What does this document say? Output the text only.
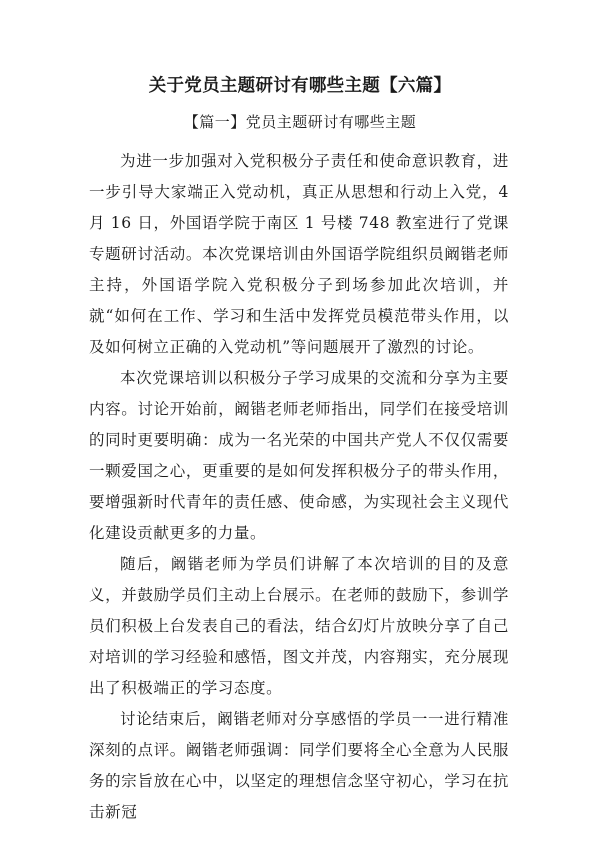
关于党员主题研讨有哪些主题【六篇】
【篇一】党员主题研讨有哪些主题

为进一步加强对入党积极分子责任和使命意识教育，进一步引导大家端正入党动机，真正从思想和行动上入党，4 月 16 日，外国语学院于南区 1 号楼 748 教室进行了党课专题研讨活动。本次党课培训由外国语学院组织员阚锴老师主持，外国语学院入党积极分子到场参加此次培训，并就“如何在工作、学习和生活中发挥党员模范带头作用，以及如何树立正确的入党动机”等问题展开了激烈的讨论。

本次党课培训以积极分子学习成果的交流和分享为主要内容。讨论开始前，阚锴老师老师指出，同学们在接受培训的同时更要明确：成为一名光荣的中国共产党人不仅仅需要一颗爱国之心，更重要的是如何发挥积极分子的带头作用，要增强新时代青年的责任感、使命感，为实现社会主义现代化建设贡献更多的力量。

随后，阚锴老师为学员们讲解了本次培训的目的及意义，并鼓励学员们主动上台展示。在老师的鼓励下，参训学员们积极上台发表自己的看法，结合幻灯片放映分享了自己对培训的学习经验和感悟，图文并茂，内容翔实，充分展现出了积极端正的学习态度。

讨论结束后，阚锴老师对分享感悟的学员一一进行精准深刻的点评。阚锴老师强调：同学们要将全心全意为人民服务的宗旨放在心中，以坚定的理想信念坚守初心，学习在抗击新冠
